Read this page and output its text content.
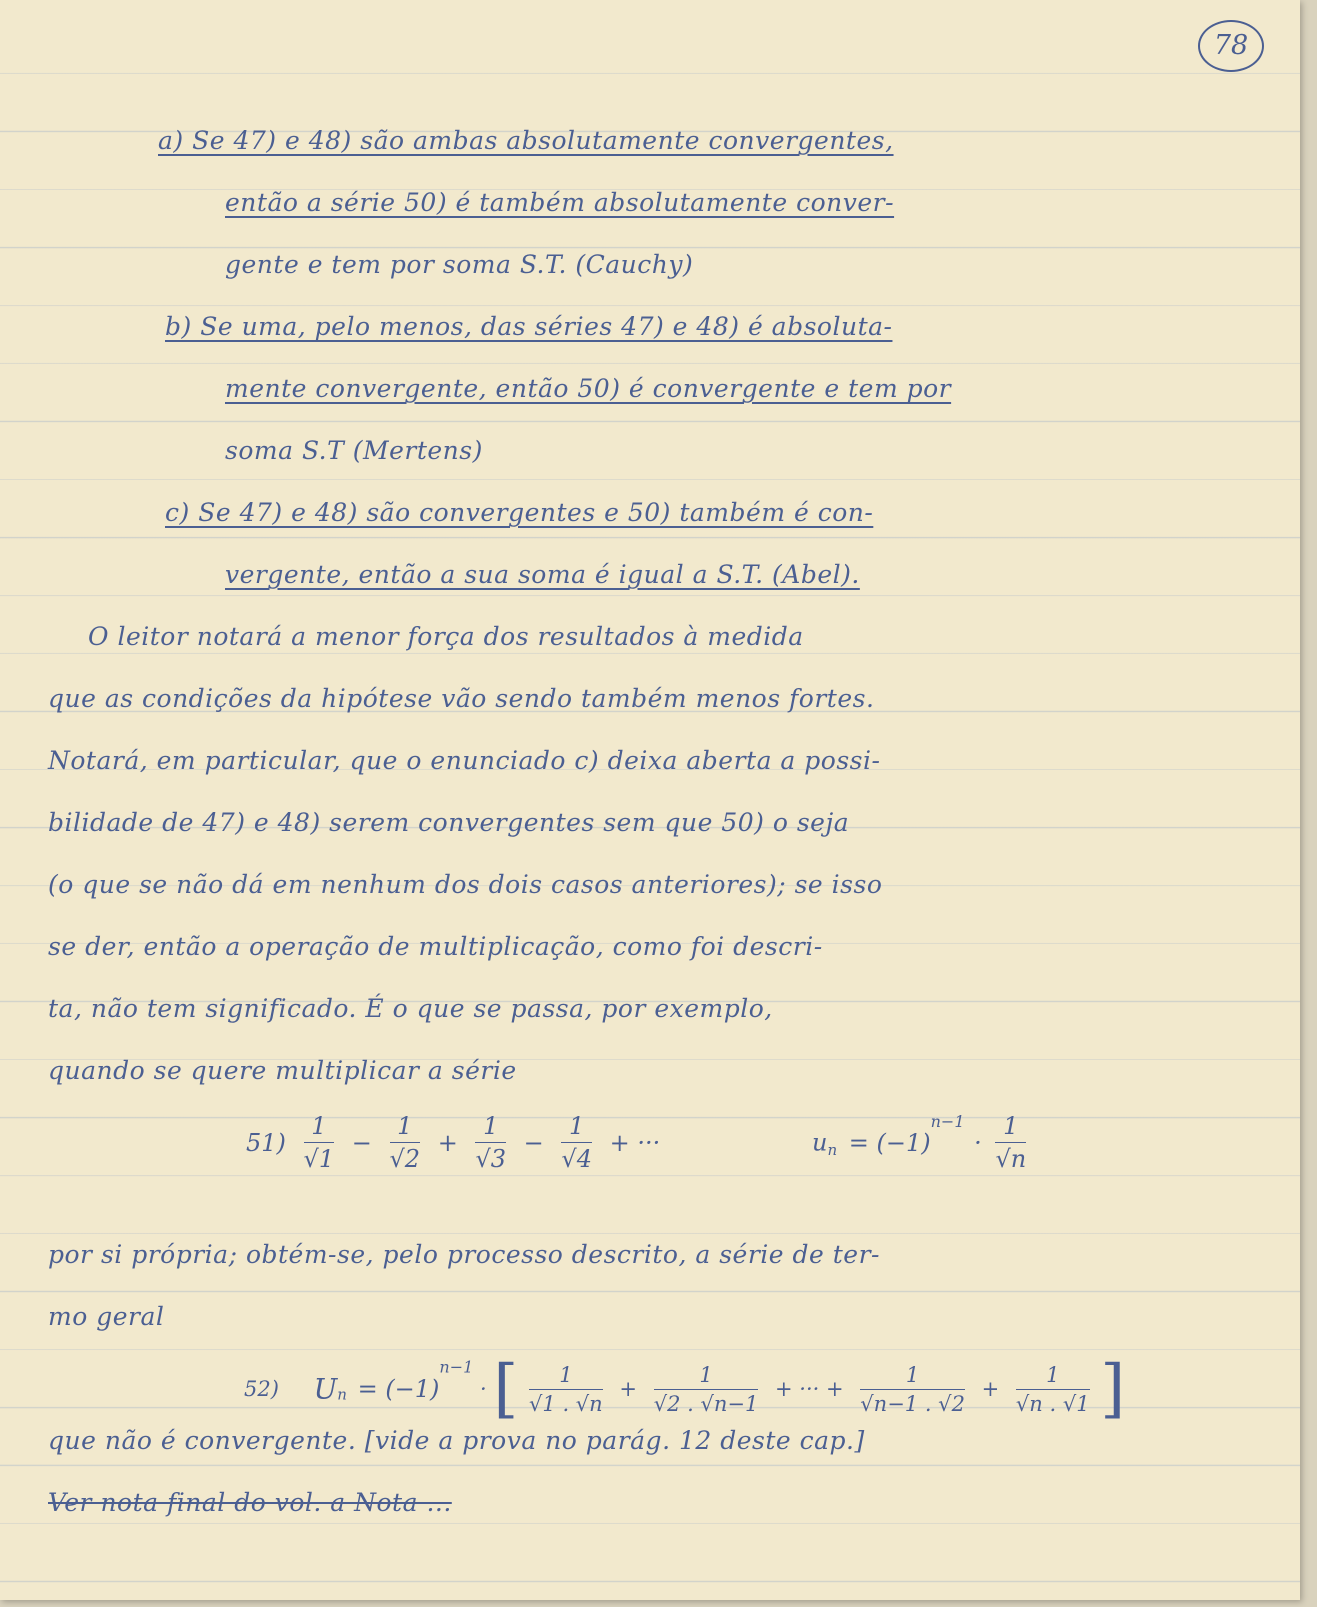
78
a) Se 47) e 48) são ambas absolutamente convergentes,
então a série 50) é também absolutamente conver-
gente e tem por soma S.T. (Cauchy)
b) Se uma, pelo menos, das séries 47) e 48) é absoluta-
mente convergente, então 50) é convergente e tem por
soma S.T (Mertens)
c) Se 47) e 48) são convergentes e 50) também é con-
vergente, então a sua soma é igual a S.T. (Abel).
O leitor notará a menor força dos resultados à medida
que as condições da hipótese vão sendo também menos fortes.
Notará, em particular, que o enunciado c) deixa aberta a possi-
bilidade de 47) e 48) serem convergentes sem que 50) o seja
(o que se não dá em nenhum dos dois casos anteriores); se isso
se der, então a operação de multiplicação, como foi descri-
ta, não tem significado. É o que se passa, por exemplo,
quando se quere multiplicar a série
$51) \frac{1}{√1} - \frac{1}{√2} + \frac{1}{√3} - \frac{1}{√4}$ + ···	$u_n = (-1)^{n-1} \cdot \frac{1}{√n}$
por si própria; obtém-se, pelo processo descrito, a série de ter-
mo geral
52) $U_n = (-1)^{n-1}$ · [ $\frac{1}{√1 . √n} + \frac{1}{√2 . √n-1}$ + ··· + $\frac{1}{√n-1 . √2} + \frac{1}{√n . √1}$ ]
que não é convergente. [vide a prova no parág. 12 deste cap.]
Ver nota final do vol. a Nota ...
